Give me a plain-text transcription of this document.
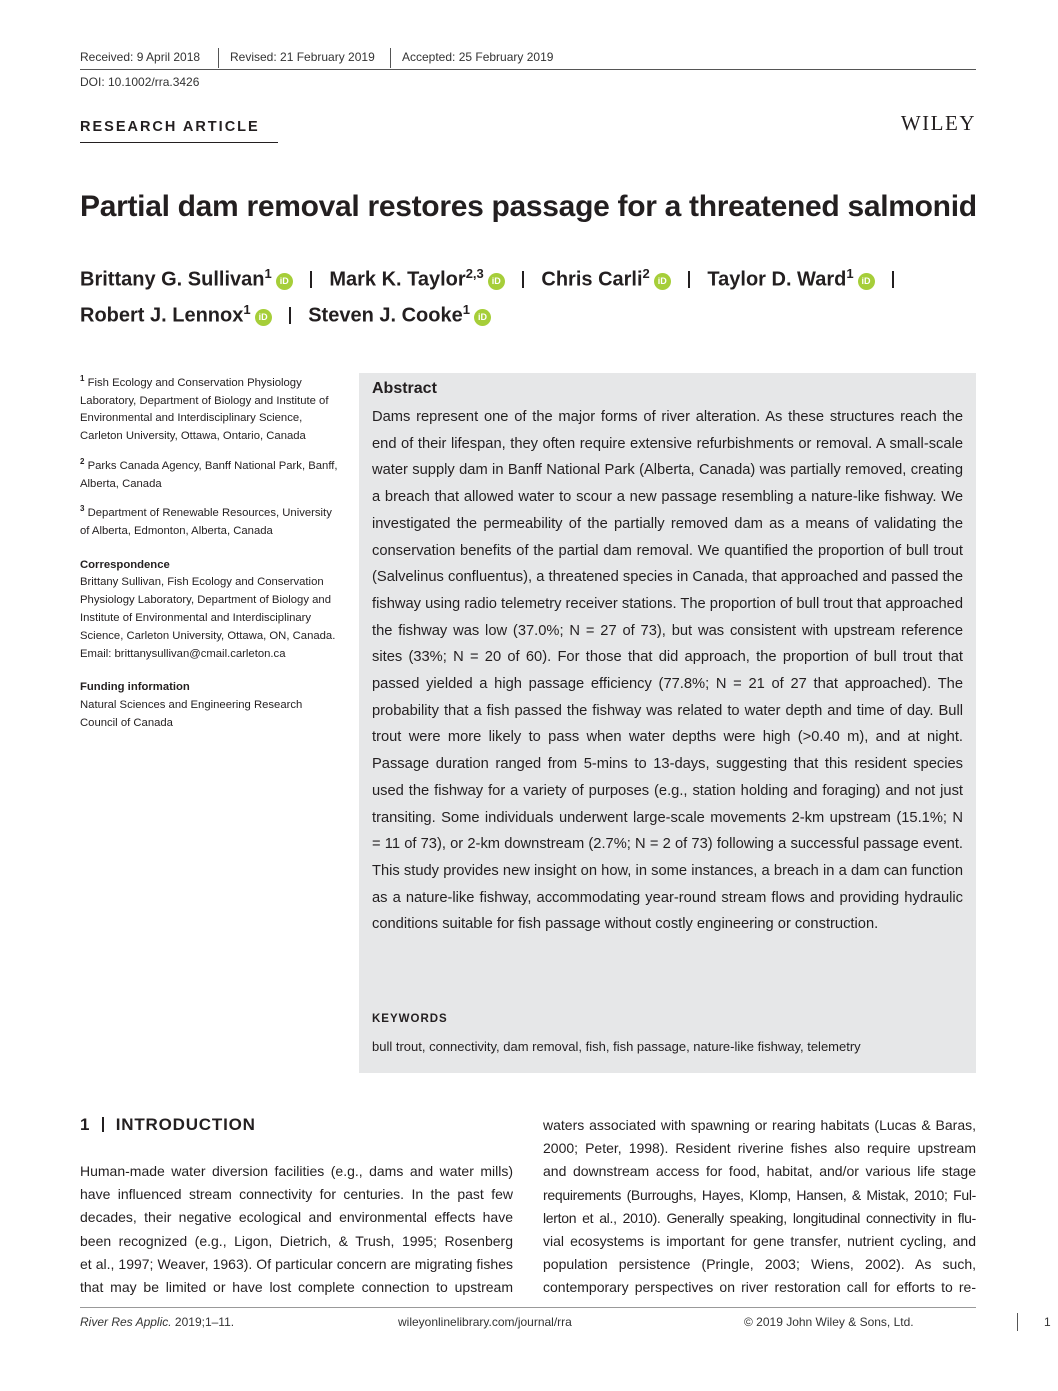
Received: 9 April 2018 Revised: 21 February 2019 Accepted: 25 February 2019
DOI: 10.1002/rra.3426
RESEARCH ARTICLE	WILEY
Partial dam removal restores passage for a threatened salmonid
Brittany G. Sullivan$^1$ iD Mark K. Taylor$^{2,3}$ iD Chris Carli$^2$ iD Taylor D. Ward$^1$ iD
Robert J. Lennox$^1$ iD Steven J. Cooke$^1$ iD

$^1$ Fish Ecology and Conservation Physiology Laboratory, Department of Biology and Institute of Environmental and Interdisciplinary Science, Carleton University, Ottawa, Ontario, Canada

$^2$ Parks Canada Agency, Banff National Park, Banff, Alberta, Canada

$^3$ Department of Renewable Resources, University of Alberta, Edmonton, Alberta, Canada

Correspondence

Brittany Sullivan, Fish Ecology and Conservation Physiology Laboratory, Department of Biology and Institute of Environmental and Interdisciplinary Science, Carleton University, Ottawa, ON, Canada.

Email: brittanysullivan@cmail.carleton.ca

Funding information

Natural Sciences and Engineering Research Council of Canada

Abstract
Dams represent one of the major forms of river alteration. As these structures reach the end of their lifespan, they often require extensive refurbishments or removal. A small-scale water supply dam in Banff National Park (Alberta, Canada) was partially removed, creating a breach that allowed water to scour a new passage resembling a nature-like fishway. We investigated the permeability of the partially removed dam as a means of validating the conservation benefits of the partial dam removal. We quantified the proportion of bull trout (Salvelinus confluentus), a threatened species in Canada, that approached and passed the fishway using radio telemetry receiver stations. The proportion of bull trout that approached the fishway was low (37.0%; N = 27 of 73), but was consistent with upstream reference sites (33%; N = 20 of 60). For those that did approach, the proportion of bull trout that passed yielded a high passage efficiency (77.8%; N = 21 of 27 that approached). The probability that a fish passed the fishway was related to water depth and time of day. Bull trout were more likely to pass when water depths were high (>0.40 m), and at night. Passage duration ranged from 5-mins to 13-days, suggesting that this resident species used the fishway for a variety of purposes (e.g., station holding and foraging) and not just transiting. Some individuals underwent large-scale movements 2-km upstream (15.1%; N = 11 of 73), or 2-km downstream (2.7%; N = 2 of 73) following a successful passage event. This study provides new insight on how, in some instances, a breach in a dam can function as a nature-like fishway, accommodating year-round stream flows and providing hydraulic conditions suitable for fish passage without costly engineering or construction.
KEYWORDS
bull trout, connectivity, dam removal, fish, fish passage, nature-like fishway, telemetry
1 INTRODUCTION
Human-made water diversion facilities (e.g., dams and water mills)
have influenced stream connectivity for centuries. In the past few
decades, their negative ecological and environmental effects have
been recognized (e.g., Ligon, Dietrich, & Trush, 1995; Rosenberg
et al., 1997; Weaver, 1963). Of particular concern are migrating fishes
that may be limited or have lost complete connection to upstream
waters associated with spawning or rearing habitats (Lucas & Baras,
2000; Peter, 1998). Resident riverine fishes also require upstream
and downstream access for food, habitat, and/or various life stage
requirements (Burroughs, Hayes, Klomp, Hansen, & Mistak, 2010; Ful-
lerton et al., 2010). Generally speaking, longitudinal connectivity in flu-
vial ecosystems is important for gene transfer, nutrient cycling, and
population persistence (Pringle, 2003; Wiens, 2002). As such,
contemporary perspectives on river restoration call for efforts to re-
River Res Applic. 2019;1–11.	wileyonlinelibrary.com/journal/rra	© 2019 John Wiley & Sons, Ltd.	1
